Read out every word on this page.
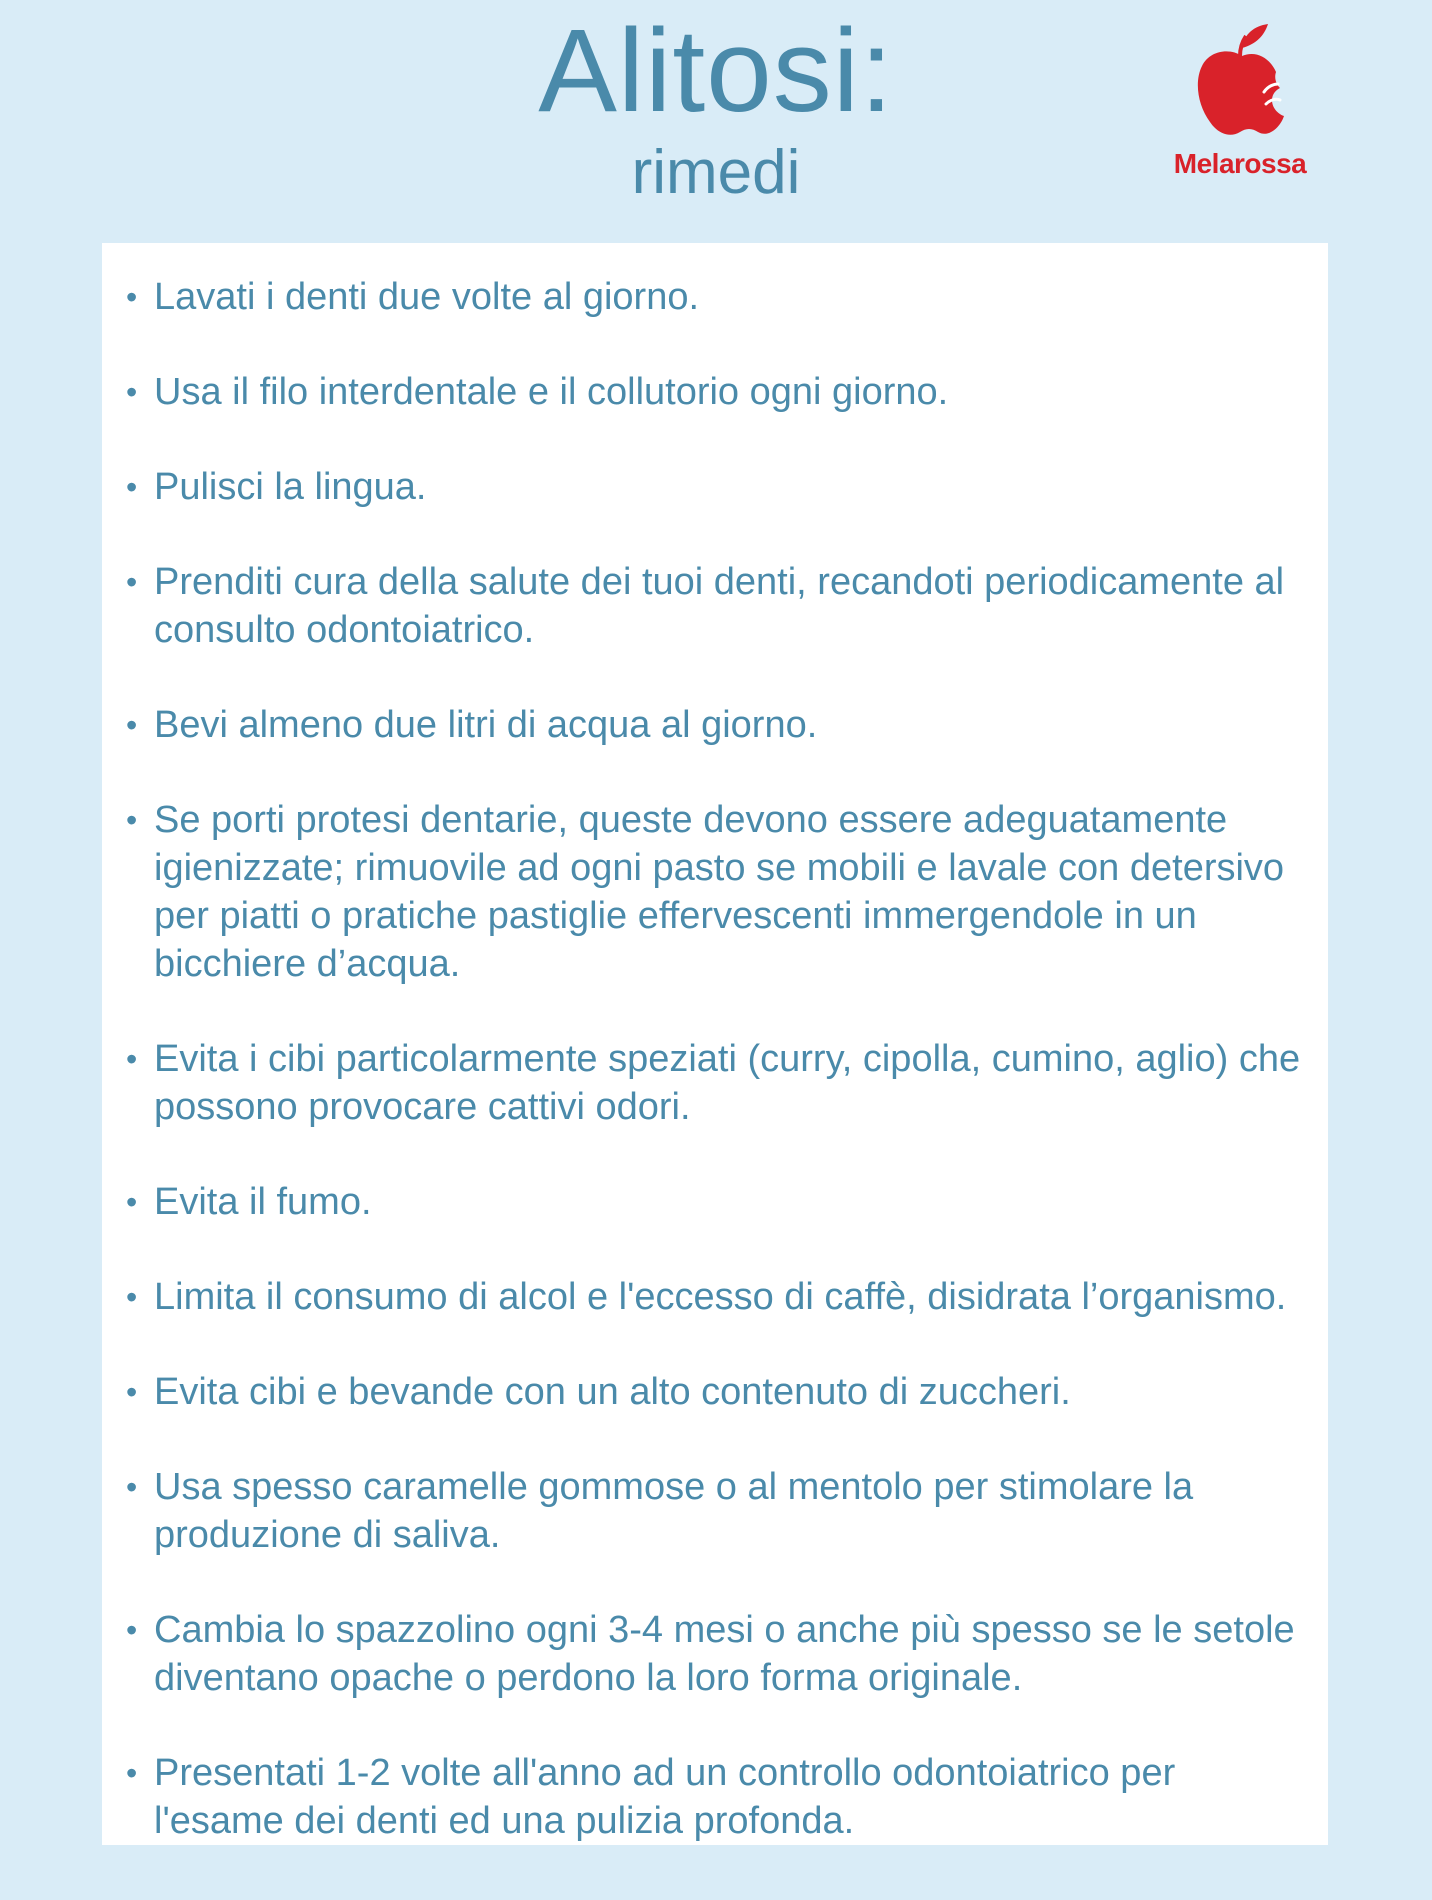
Alitosi:
rimedi	Melarossa
• Lavati i denti due volte al giorno.
• Usa il filo interdentale e il collutorio ogni giorno.
• Pulisci la lingua.
• Prenditi cura della salute dei tuoi denti, recandoti periodicamente al consulto odontoiatrico.
• Bevi almeno due litri di acqua al giorno.
• Se porti protesi dentarie, queste devono essere adeguatamente igienizzate; rimuovile ad ogni pasto se mobili e lavale con detersivo per piatti o pratiche pastiglie effervescenti immergendole in un bicchiere d’acqua.
• Evita i cibi particolarmente speziati (curry, cipolla, cumino, aglio) che possono provocare cattivi odori.
• Evita il fumo.
• Limita il consumo di alcol e l'eccesso di caffè, disidrata l’organismo.
• Evita cibi e bevande con un alto contenuto di zuccheri.
• Usa spesso caramelle gommose o al mentolo per stimolare la produzione di saliva.
• Cambia lo spazzolino ogni 3-4 mesi o anche più spesso se le setole diventano opache o perdono la loro forma originale.
• Presentati 1-2 volte all'anno ad un controllo odontoiatrico per l'esame dei denti ed una pulizia profonda.
